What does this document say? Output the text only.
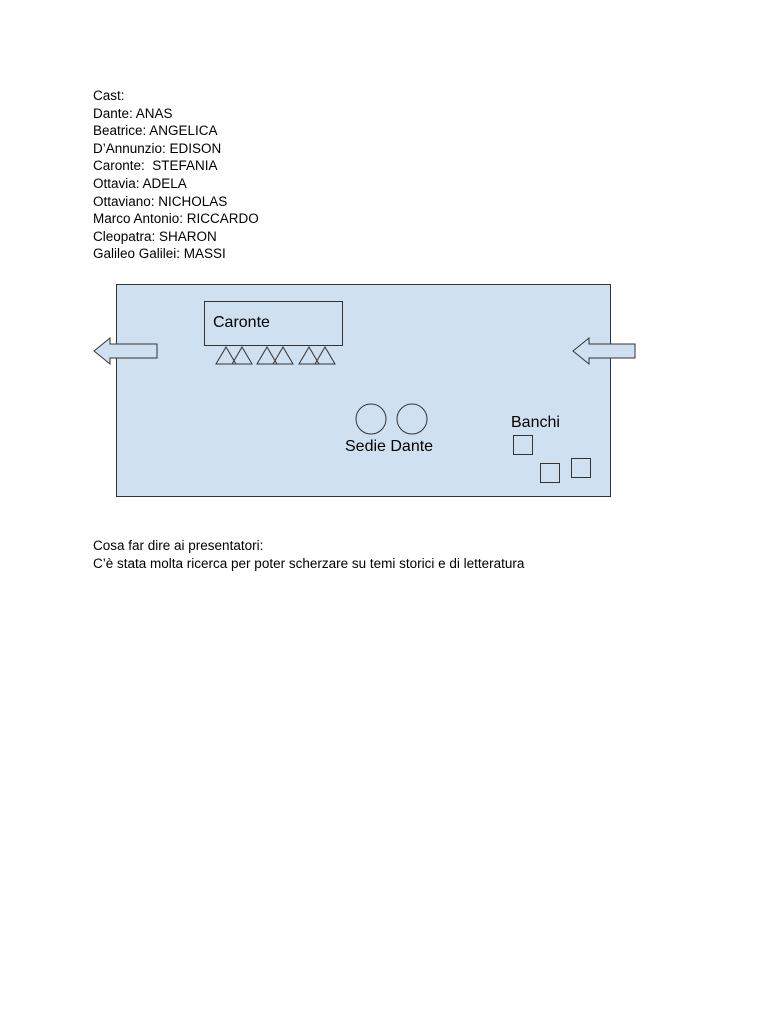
Cast:
Dante: ANAS
Beatrice: ANGELICA
D’Annunzio: EDISON
Caronte:  STEFANIA
Ottavia: ADELA
Ottaviano: NICHOLAS
Marco Antonio: RICCARDO
Cleopatra: SHARON
Galileo Galilei: MASSI
Caronte
Sedie Dante
Banchi
Cosa far dire ai presentatori:
C’è stata molta ricerca per poter scherzare su temi storici e di letteratura
